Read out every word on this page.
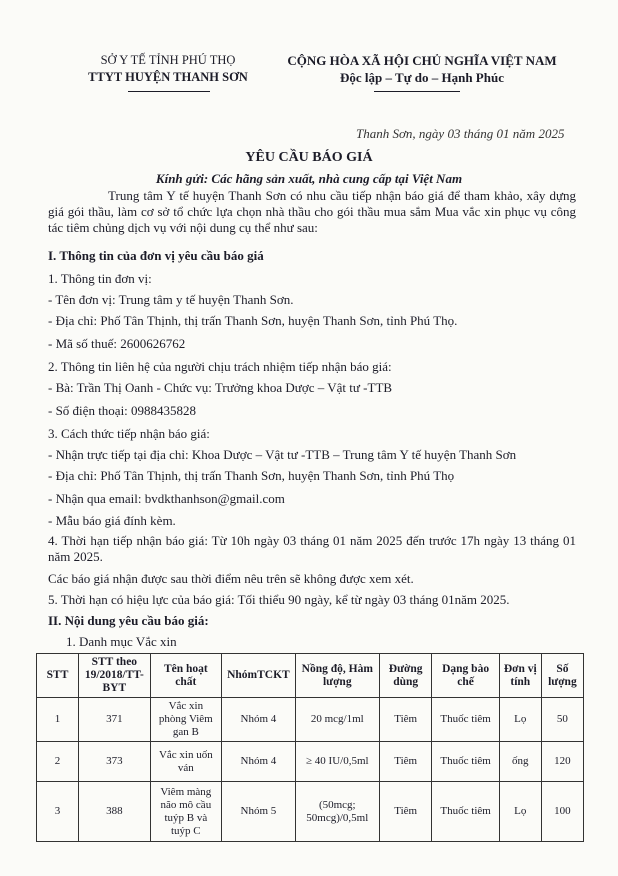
SỞ Y TẾ TỈNH PHÚ THỌ
TTYT HUYỆN THANH SƠN
CỘNG HÒA XÃ HỘI CHỦ NGHĨA VIỆT NAM
Độc lập – Tự do – Hạnh Phúc
Thanh Sơn, ngày 03 tháng 01 năm 2025
YÊU CẦU BÁO GIÁ
Kính gửi: Các hãng sản xuất, nhà cung cấp tại Việt Nam
Trung tâm Y tế huyện Thanh Sơn có nhu cầu tiếp nhận báo giá để tham khảo, xây dựng giá gói thầu, làm cơ sở tổ chức lựa chọn nhà thầu cho gói thầu mua sắm Mua vắc xin phục vụ công tác tiêm chủng dịch vụ với nội dung cụ thể như sau:
I. Thông tin của đơn vị yêu cầu báo giá
1. Thông tin đơn vị:
- Tên đơn vị: Trung tâm y tế huyện Thanh Sơn.
- Địa chỉ: Phố Tân Thịnh, thị trấn Thanh Sơn, huyện Thanh Sơn, tỉnh Phú Thọ.
- Mã số thuế: 2600626762
2. Thông tin liên hệ của người chịu trách nhiệm tiếp nhận báo giá:
- Bà: Trần Thị Oanh - Chức vụ: Trưởng khoa Dược – Vật tư -TTB
- Số điện thoại: 0988435828
3. Cách thức tiếp nhận báo giá:
- Nhận trực tiếp tại địa chỉ: Khoa Dược – Vật tư -TTB – Trung tâm Y tế huyện Thanh Sơn
- Địa chỉ: Phố Tân Thịnh, thị trấn Thanh Sơn, huyện Thanh Sơn, tỉnh Phú Thọ
- Nhận qua email: bvdkthanhson@gmail.com
- Mẫu báo giá đính kèm.
4. Thời hạn tiếp nhận báo giá: Từ 10h ngày 03 tháng 01 năm 2025 đến trước 17h ngày 13 tháng 01 năm 2025.
Các báo giá nhận được sau thời điểm nêu trên sẽ không được xem xét.
5. Thời hạn có hiệu lực của báo giá: Tối thiểu 90 ngày, kể từ ngày 03 tháng 01năm 2025.
II. Nội dung yêu cầu báo giá:
1. Danh mục Vắc xin
STT	STT theo 19/2018/TT-BYT	Tên hoạt chất	NhómTCKT	Nồng độ, Hàm lượng	Đường dùng	Dạng bào chế	Đơn vị tính	Số lượng
1	371	Vắc xin phòng Viêm gan B	Nhóm 4	20 mcg/1ml	Tiêm	Thuốc tiêm	Lọ	50
2	373	Vắc xin uốn ván	Nhóm 4	≥ 40 IU/0,5ml	Tiêm	Thuốc tiêm	ống	120
3	388	Viêm màng não mô cầu tuýp B và tuýp C	Nhóm 5	(50mcg; 50mcg)/0,5ml	Tiêm	Thuốc tiêm	Lọ	100
